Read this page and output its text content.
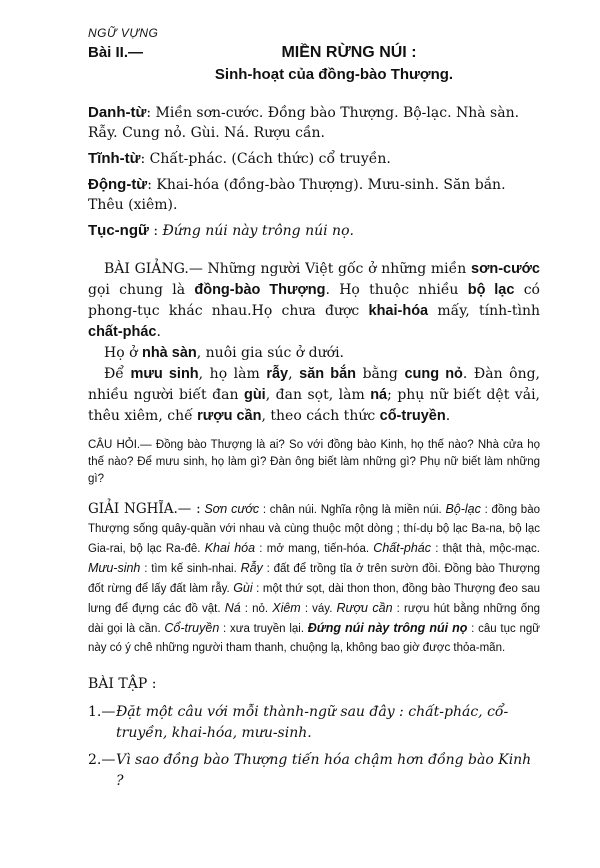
NGỮ VỰNG
Bài II.—	MIỀN RỪNG NÚI :
Sinh-hoạt của đồng-bào Thượng.

Danh-từ: Miền sơn-cước. Đồng bào Thượng. Bộ-lạc. Nhà sàn. Rẫy. Cung nỏ. Gùi. Ná. Rượu cần.

Tĩnh-từ: Chất-phác. (Cách thức) cổ truyền.

Động-từ: Khai-hóa (đồng-bào Thượng). Mưu-sinh. Săn bắn. Thêu (xiêm).

Tục-ngữ : Đứng núi này trông núi nọ.

BÀI GIẢNG.— Những người Việt gốc ở những miền sơn-cước gọi chung là đồng-bào Thượng. Họ thuộc nhiều bộ lạc có phong-tục khác nhau.Họ chưa được khai-hóa mấy, tính-tình chất-phác.

Họ ở nhà sàn, nuôi gia súc ở dưới.

Để mưu sinh, họ làm rẫy, săn bắn bằng cung nỏ. Đàn ông, nhiều người biết đan gùi, đan sọt, làm ná; phụ nữ biết dệt vải, thêu xiêm, chế rượu cần, theo cách thức cổ-truyền.

CÂU HỎI.— Đồng bào Thượng là ai? So với đồng bào Kinh, họ thế nào? Nhà cửa họ thế nào? Để mưu sinh, họ làm gì? Đàn ông biết làm những gì? Phụ nữ biết làm những gì?

GIẢI NGHĨA.— : Sơn cước : chân núi. Nghĩa rộng là miền núi. Bộ-lạc : đồng bào Thượng sống quây-quần với nhau và cùng thuộc một dòng ; thí-dụ bộ lạc Ba-na, bộ lạc Gia-rai, bộ lạc Ra-đê. Khai hóa : mở mang, tiến-hóa. Chất-phác : thật thà, mộc-mạc. Mưu-sinh : tìm kế sinh-nhai. Rẫy : đất để trồng tỉa ở trên sườn đồi. Đồng bào Thượng đốt rừng để lấy đất làm rẫy. Gùi : một thứ sọt, dài thon thon, đồng bào Thượng đeo sau lưng để đựng các đồ vật. Ná : nỏ. Xiêm : váy. Rượu cần : rượu hút bằng những ống dài gọi là cần. Cổ-truyền : xưa truyền lại. Đứng núi này trông núi nọ : câu tục ngữ này có ý chê những người tham thanh, chuộng lạ, không bao giờ được thỏa-mãn.

BÀI TẬP :
1.— Đặt một câu với mỗi thành-ngữ sau đây : chất-phác, cổ-truyền, khai-hóa, mưu-sinh.
2.— Vì sao đồng bào Thượng tiến hóa chậm hơn đồng bào Kinh ?
